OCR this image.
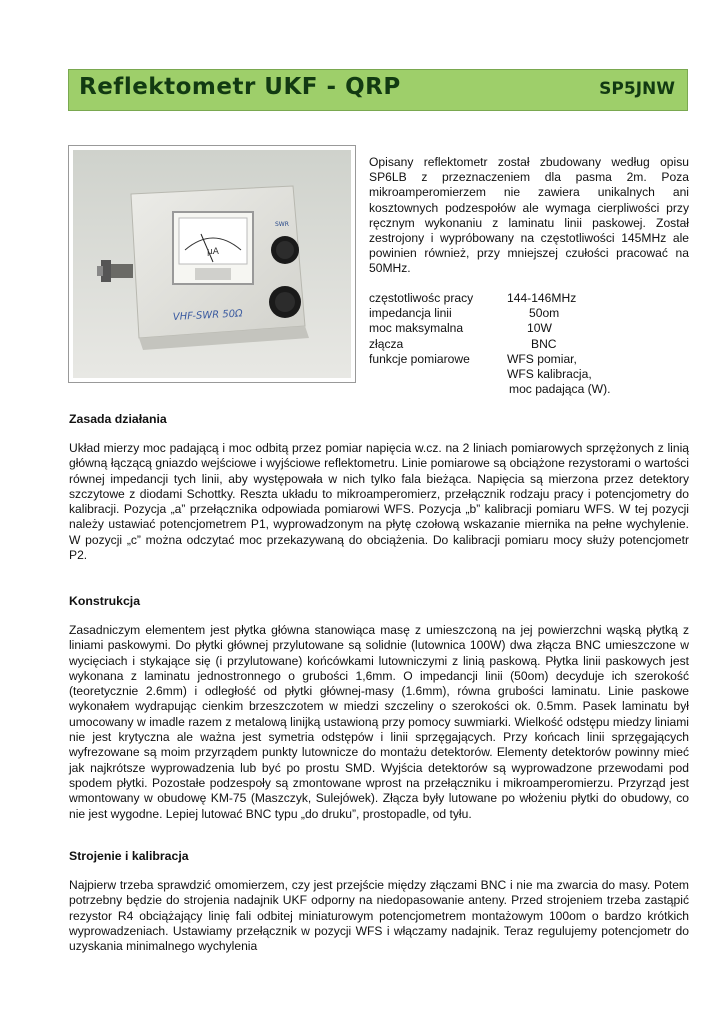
Reflektometr UKF - QRP	SP5JNW
µA
SWR
VHF-SWR 50Ω

Opisany reflektometr został zbudowany według opisu SP6LB z przeznaczeniem dla pasma 2m. Poza mikroamperomierzem nie zawiera unikalnych ani kosztownych podzespołów ale wymaga cierpliwości przy ręcznym wykonaniu z laminatu linii paskowej. Został zestrojony i wypróbowany na częstotliwości 145MHz ale powinien również, przy mniejszej czułości pracować na 50MHz.

częstotliwośc pracy	144-146MHz
impedancja linii	50om
moc maksymalna	10W
złącza	BNC
funkcje pomiarowe	WFS pomiar,
WFS kalibracja,
moc padająca (W).
Zasada działania

Układ mierzy moc padającą i moc odbitą przez pomiar napięcia w.cz. na 2 liniach pomiarowych sprzężonych z linią główną łączącą gniazdo wejściowe i wyjściowe reflektometru. Linie pomiarowe są obciążone rezystorami o wartości równej impedancji tych linii, aby występowała w nich tylko fala bieżąca. Napięcia są mierzona przez detektory szczytowe z diodami Schottky. Reszta układu to mikroamperomierz, przełącznik rodzaju pracy i potencjometry do kalibracji. Pozycja „a” przełącznika odpowiada pomiarowi WFS. Pozycja „b” kalibracji pomiaru WFS. W tej pozycji należy ustawiać potencjometrem P1, wyprowadzonym na płytę czołową wskazanie miernika na pełne wychylenie. W pozycji „c” można odczytać moc przekazywaną do obciążenia. Do kalibracji pomiaru mocy służy potencjometr P2.

Konstrukcja

Zasadniczym elementem jest płytka główna stanowiąca masę z umieszczoną na jej powierzchni wąską płytką z liniami paskowymi. Do płytki głównej przylutowane są solidnie (lutownica 100W) dwa złącza BNC umieszczone w wycięciach i stykające się (i przylutowane) końcówkami lutowniczymi z linią paskową. Płytka linii paskowych jest wykonana z laminatu jednostronnego o grubości 1,6mm. O impedancji linii (50om) decyduje ich szerokość (teoretycznie 2.6mm) i odległość od płytki głównej-masy (1.6mm), równa grubości laminatu. Linie paskowe wykonałem wydrapując cienkim brzeszczotem w miedzi szczeliny o szerokości ok. 0.5mm. Pasek laminatu był umocowany w imadle razem z metalową linijką ustawioną przy pomocy suwmiarki. Wielkość odstępu miedzy liniami nie jest krytyczna ale ważna jest symetria odstępów i linii sprzęgających. Przy końcach linii sprzęgających wyfrezowane są moim przyrządem punkty lutownicze do montażu detektorów. Elementy detektorów powinny mieć jak najkrótsze wyprowadzenia lub być po prostu SMD. Wyjścia detektorów są wyprowadzone przewodami pod spodem płytki. Pozostałe podzespoły są zmontowane wprost na przełączniku i mikroamperomierzu. Przyrząd jest wmontowany w obudowę KM-75 (Maszczyk, Sulejówek). Złącza były lutowane po włożeniu płytki do obudowy, co nie jest wygodne. Lepiej lutować BNC typu „do druku”, prostopadle, od tyłu.

Strojenie i kalibracja

Najpierw trzeba sprawdzić omomierzem, czy jest przejście między złączami BNC i nie ma zwarcia do masy. Potem potrzebny będzie do strojenia nadajnik UKF odporny na niedopasowanie anteny. Przed strojeniem trzeba zastąpić rezystor R4 obciążający linię fali odbitej miniaturowym potencjometrem montażowym 100om o bardzo krótkich wyprowadzeniach. Ustawiamy przełącznik w pozycji WFS i włączamy nadajnik. Teraz regulujemy potencjometr do uzyskania minimalnego wychylenia
